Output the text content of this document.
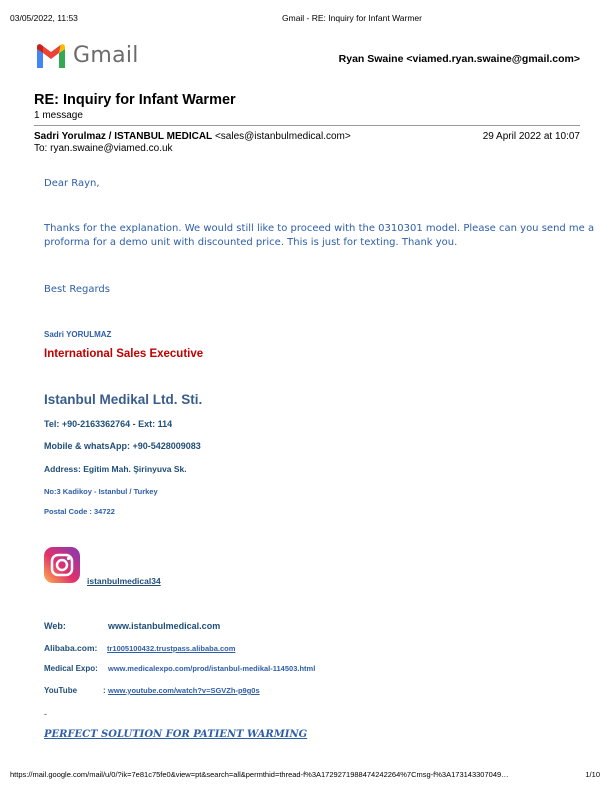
03/05/2022, 11:53	Gmail - RE: Inquiry for Infant Warmer
Gmail	Ryan Swaine <viamed.ryan.swaine@gmail.com>
RE: Inquiry for Infant Warmer
1 message
Sadri Yorulmaz / ISTANBUL MEDICAL <sales@istanbulmedical.com>	29 April 2022 at 10:07
To: ryan.swaine@viamed.co.uk
Dear Rayn,
Thanks for the explanation. We would still like to proceed with the 0310301 model. Please can you send me a
proforma for a demo unit with discounted price. This is just for texting. Thank you.
Best Regards
Sadri YORULMAZ
International Sales Executive
Istanbul Medikal Ltd. Sti.
Tel: +90-2163362764 - Ext: 114
Mobile & whatsApp: +90-5428009083
Address: Egitim Mah. Şirinyuva Sk.
No:3 Kadikoy - Istanbul / Turkey
Postal Code : 34722
istanbulmedical34
Web:	www.istanbulmedical.com
Alibaba.com: tr1005100432.trustpass.alibaba.com
Medical Expo: www.medicalexpo.com/prod/istanbul-medikal-114503.html
YouTube	: www.youtube.com/watch?v=SGVZh-p9g0s
-
PERFECT SOLUTION FOR PATIENT WARMING
https://mail.google.com/mail/u/0/?ik=7e81c75fe0&view=pt&search=all&permthid=thread-f%3A1729271988474242264%7Cmsg-f%3A173143307049…	1/10
